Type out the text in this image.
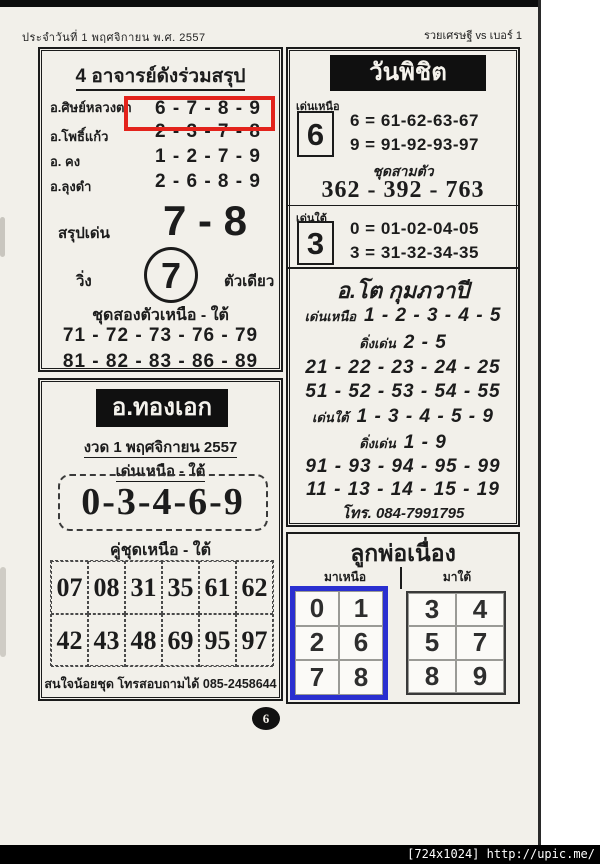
ประจำวันที่ 1 พฤศจิกายน พ.ศ. 2557	รวยเศรษฐี vs เบอร์ 1
4 อาจารย์ดังร่วมสรุป
อ.ศิษย์หลวงตา	6 - 7 - 8 - 9
อ.โพธิ์แก้ว	2 - 3 - 7 - 8
อ. คง	1 - 2 - 7 - 9
อ.ลุงดำ	2 - 6 - 8 - 9
สรุปเด่น	7 - 8
วิ่ง	7	ตัวเดียว
ชุดสองตัวเหนือ - ใต้
71 - 72 - 73 - 76 - 79
81 - 82 - 83 - 86 - 89
อ.ทองเอก
งวด 1 พฤศจิกายน 2557
เด่นเหนือ - ใต้
0-3-4-6-9
คู่ชุดเหนือ - ใต้
07 08 31 35 61 62
42 43 48 69 95 97
สนใจน้อยชุด โทรสอบถามได้ 085-2458644
วันพิชิต
เด่นเหนือ
6	6 = 61-62-63-67
9 = 91-92-93-97
ชุดสามตัว
362 - 392 - 763
เด่นใต้
3	0 = 01-02-04-05
3 = 31-32-34-35
อ.โต กุมภวาปี
เด่นเหนือ 1 - 2 - 3 - 4 - 5
ดิ่งเด่น 2 - 5
21 - 22 - 23 - 24 - 25
51 - 52 - 53 - 54 - 55
เด่นใต้ 1 - 3 - 4 - 5 - 9
ดิ่งเด่น 1 - 9
91 - 93 - 94 - 95 - 99
11 - 13 - 14 - 15 - 19
โทร. 084-7991795
ลูกพ่อเนื่อง
มาเหนือ	มาใต้
0	1
2	6
7	8
3	4
5	7
8	9
6
[724x1024] http://upic.me/
